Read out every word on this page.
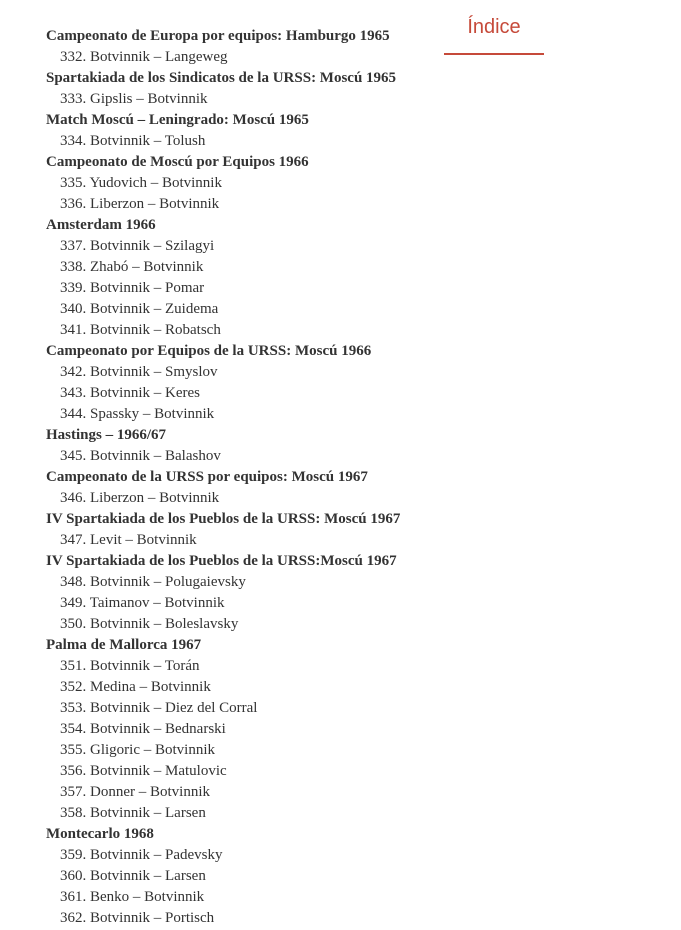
Índice
Campeonato de Europa por equipos: Hamburgo 1965
332. Botvinnik – Langeweg
Spartakiada de los Sindicatos de la URSS: Moscú 1965
333. Gipslis – Botvinnik
Match Moscú – Leningrado: Moscú 1965
334. Botvinnik – Tolush
Campeonato de Moscú por Equipos 1966
335. Yudovich – Botvinnik
336. Liberzon – Botvinnik
Amsterdam 1966
337. Botvinnik – Szilagyi
338. Zhabó – Botvinnik
339. Botvinnik – Pomar
340. Botvinnik – Zuidema
341. Botvinnik – Robatsch
Campeonato por Equipos de la URSS: Moscú 1966
342. Botvinnik – Smyslov
343. Botvinnik – Keres
344. Spassky – Botvinnik
Hastings – 1966/67
345. Botvinnik – Balashov
Campeonato de la URSS por equipos: Moscú 1967
346. Liberzon – Botvinnik
IV Spartakiada de los Pueblos de la URSS: Moscú 1967
347. Levit – Botvinnik
IV Spartakiada de los Pueblos de la URSS:Moscú 1967
348. Botvinnik – Polugaievsky
349. Taimanov – Botvinnik
350. Botvinnik – Boleslavsky
Palma de Mallorca 1967
351. Botvinnik – Torán
352. Medina – Botvinnik
353. Botvinnik – Diez del Corral
354. Botvinnik – Bednarski
355. Gligoric – Botvinnik
356. Botvinnik – Matulovic
357. Donner – Botvinnik
358. Botvinnik – Larsen
Montecarlo 1968
359. Botvinnik – Padevsky
360. Botvinnik – Larsen
361. Benko – Botvinnik
362. Botvinnik – Portisch
